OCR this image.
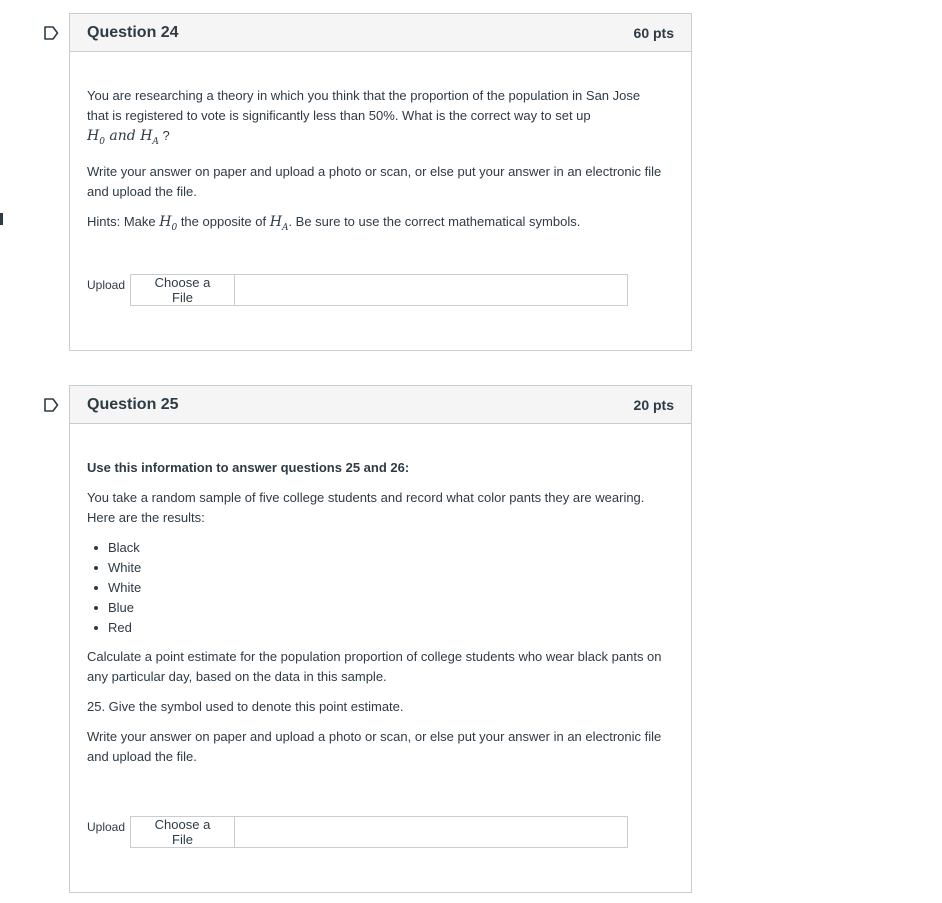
Question 24	60 pts

You are researching a theory in which you think that the proportion of the population in San Jose
that is registered to vote is significantly less than 50%. What is the correct way to set up
$H_0$ and $H_A$ ?

Write your answer on paper and upload a photo or scan, or else put your answer in an electronic file and upload the file.

Hints: Make $H_0$ the opposite of $H_A$. Be sure to use the correct mathematical symbols.

Upload	Choose a File
Question 25	20 pts

Use this information to answer questions 25 and 26:

You take a random sample of five college students and record what color pants they are wearing. Here are the results:

Black
White
White
Blue
Red

Calculate a point estimate for the population proportion of college students who wear black pants on any particular day, based on the data in this sample.

25. Give the symbol used to denote this point estimate.

Write your answer on paper and upload a photo or scan, or else put your answer in an electronic file and upload the file.

Upload	Choose a File
